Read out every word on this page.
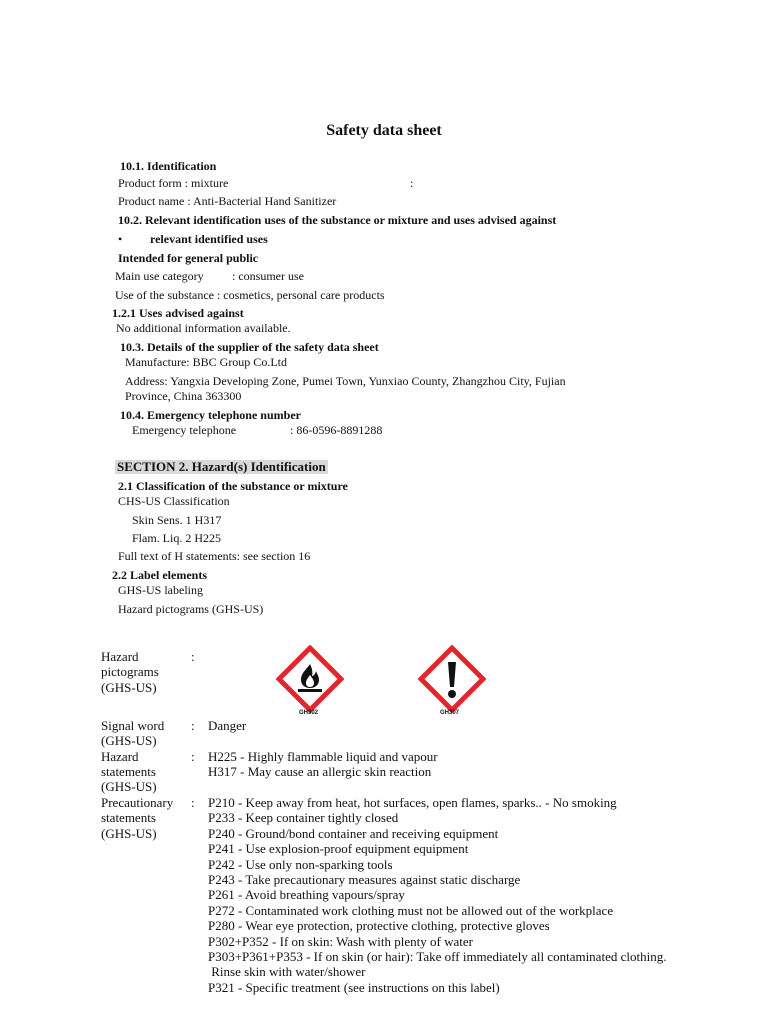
Safety data sheet
10.1. Identification
Product form : mixture	:
Product name : Anti-Bacterial Hand Sanitizer
10.2. Relevant identification uses of the substance or mixture and uses advised against
• relevant identified uses
Intended for general public
Main use category : consumer use
Use of the substance : cosmetics, personal care products
1.2.1 Uses advised against
No additional information available.
10.3. Details of the supplier of the safety data sheet
Manufacture: BBC Group Co.Ltd
Address: Yangxia Developing Zone, Pumei Town, Yunxiao County, Zhangzhou City, Fujian
Province, China 363300
10.4. Emergency telephone number
Emergency telephone	: 86-0596-8891288
SECTION 2. Hazard(s) Identification
2.1 Classification of the substance or mixture
CHS-US Classification
Skin Sens. 1 H317
Flam. Liq. 2 H225
Full text of H statements: see section 16
2.2 Label elements
GHS-US labeling
Hazard pictograms (GHS-US)
Hazard
pictograms
(GHS-US)
:
GH302	GH307
Signal word
(GHS-US)
: Danger
Hazard
statements
(GHS-US)
: H225 - Highly flammable liquid and vapour
H317 - May cause an allergic skin reaction
Precautionary
statements
(GHS-US)
: P210 - Keep away from heat, hot surfaces, open flames, sparks.. - No smoking
P233 - Keep container tightly closed
P240 - Ground/bond container and receiving equipment
P241 - Use explosion-proof equipment equipment
P242 - Use only non-sparking tools
P243 - Take precautionary measures against static discharge
P261 - Avoid breathing vapours/spray
P272 - Contaminated work clothing must not be allowed out of the workplace
P280 - Wear eye protection, protective clothing, protective gloves
P302+P352 - If on skin: Wash with plenty of water
P303+P361+P353 - If on skin (or hair): Take off immediately all contaminated clothing.
Rinse skin with water/shower
P321 - Specific treatment (see instructions on this label)
